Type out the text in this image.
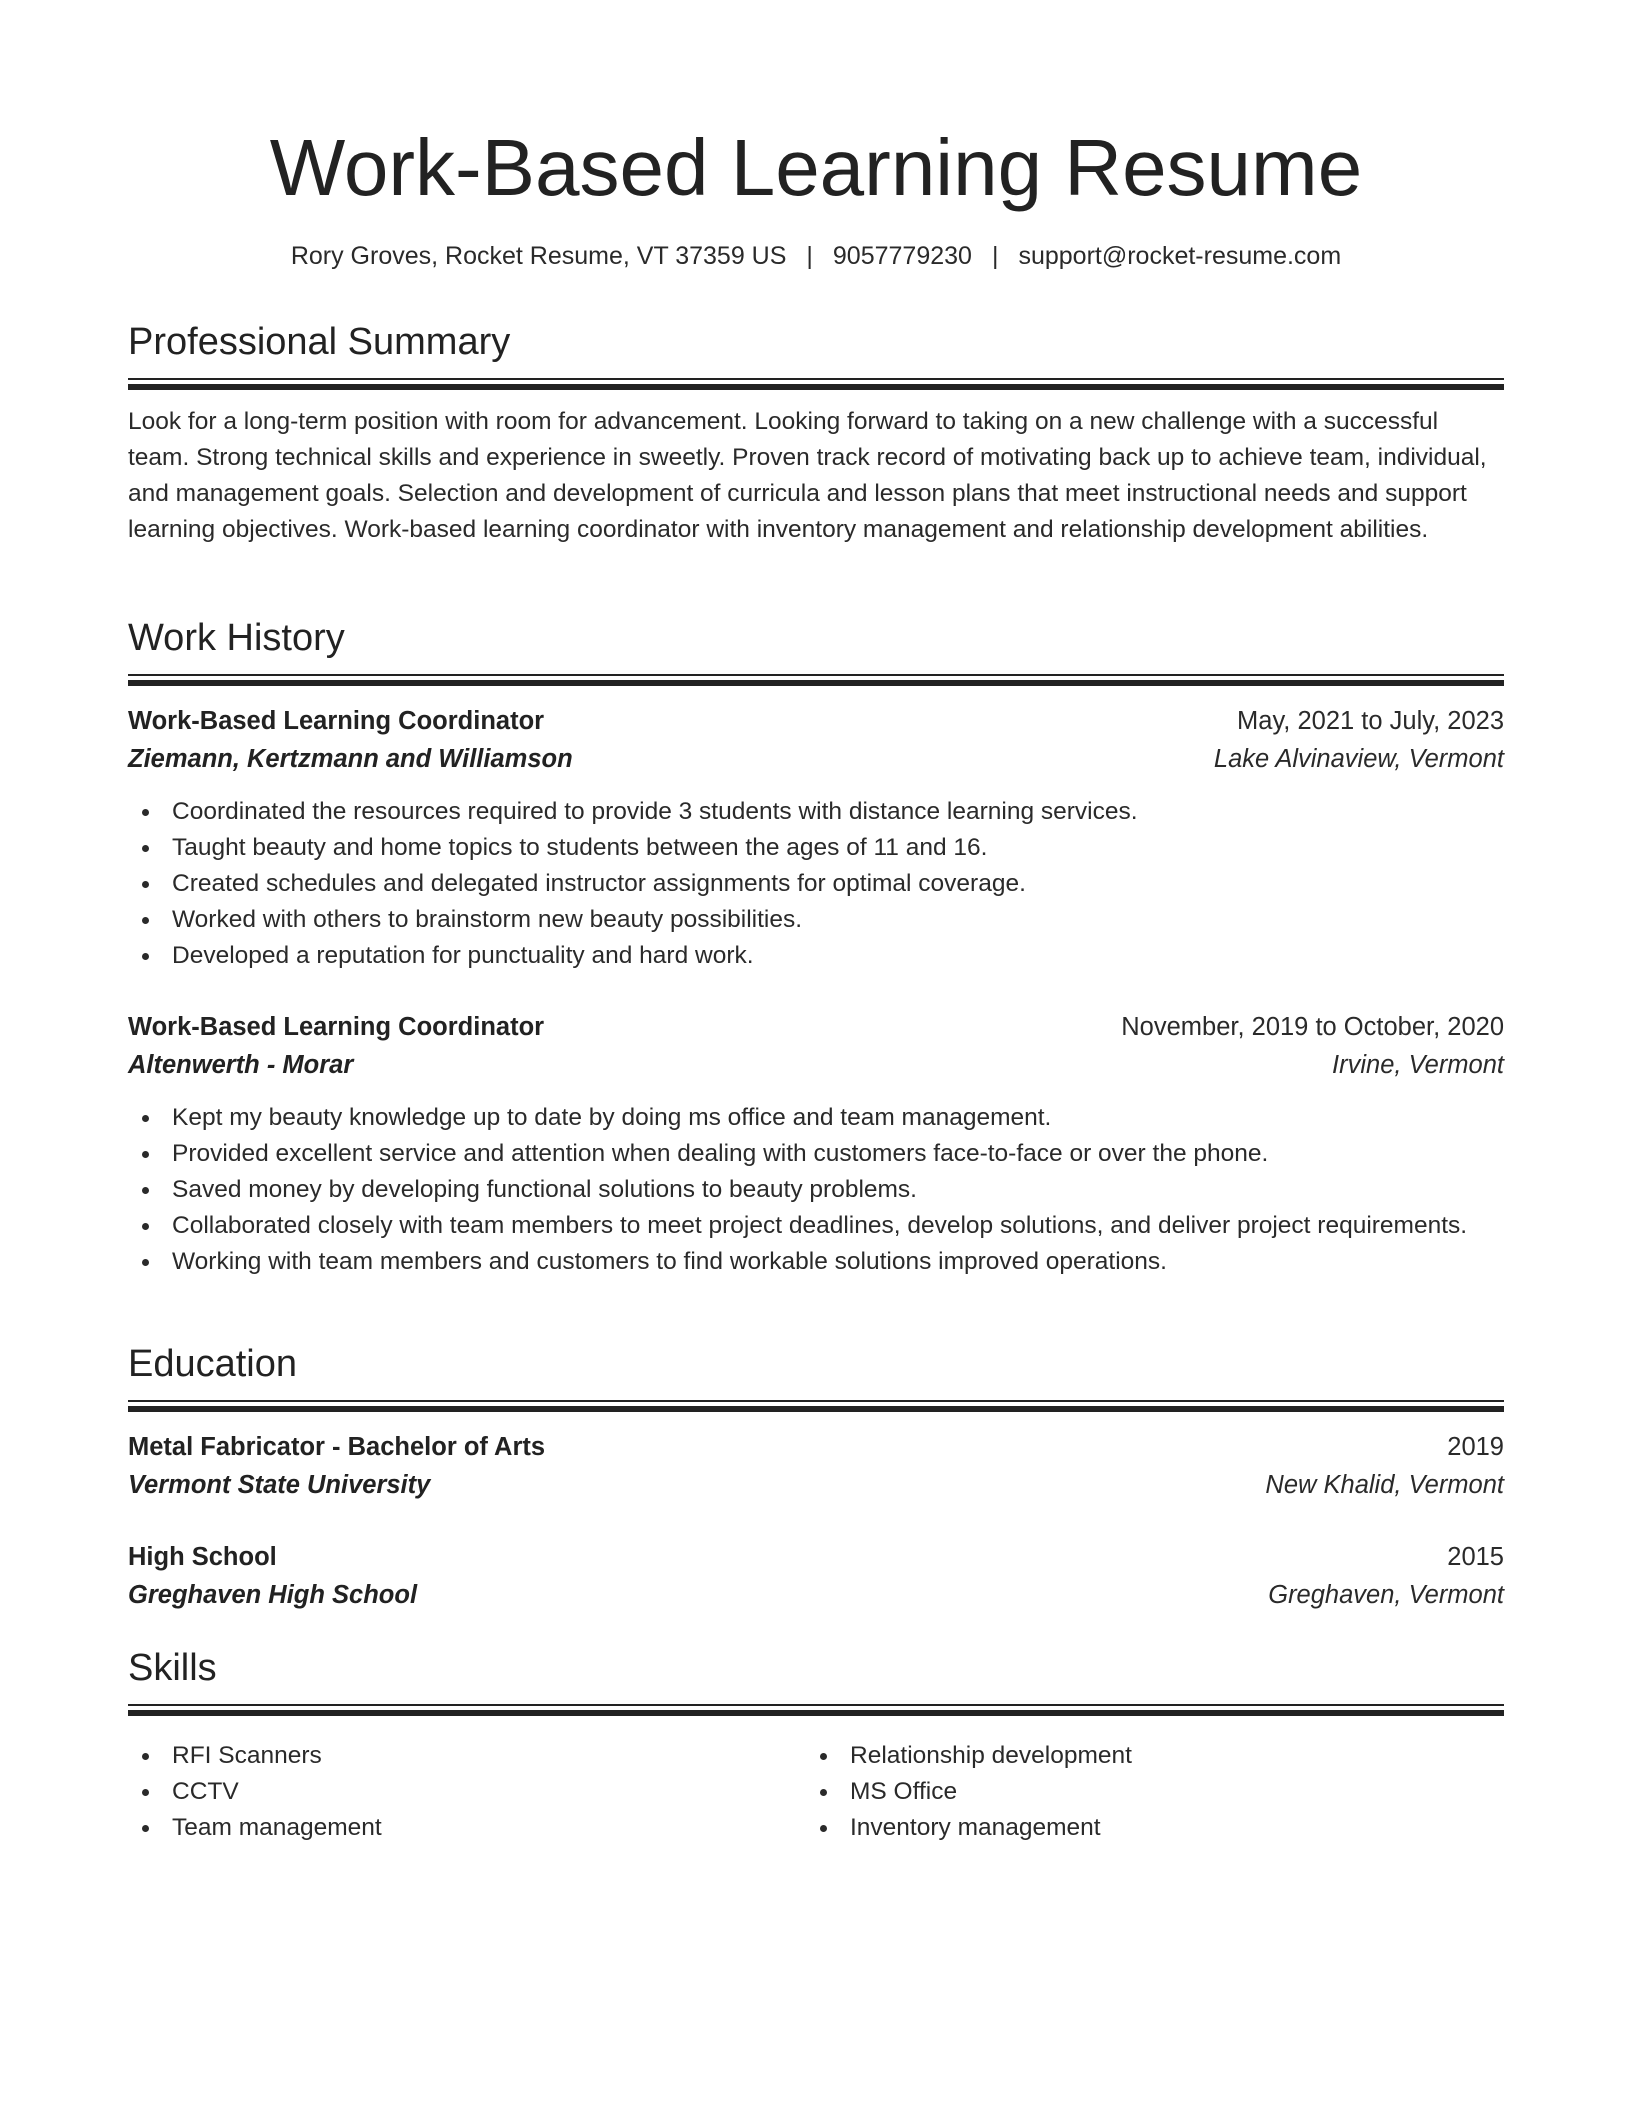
Work-Based Learning Resume
Rory Groves, Rocket Resume, VT 37359 US | 9057779230 | support@rocket-resume.com
Professional Summary
Look for a long-term position with room for advancement. Looking forward to taking on a new challenge with a successful team. Strong technical skills and experience in sweetly. Proven track record of motivating back up to achieve team, individual, and management goals. Selection and development of curricula and lesson plans that meet instructional needs and support learning objectives. Work-based learning coordinator with inventory management and relationship development abilities.
Work History
Work-Based Learning Coordinator	May, 2021 to July, 2023
Ziemann, Kertzmann and Williamson	Lake Alvinaview, Vermont
Coordinated the resources required to provide 3 students with distance learning services.
Taught beauty and home topics to students between the ages of 11 and 16.
Created schedules and delegated instructor assignments for optimal coverage.
Worked with others to brainstorm new beauty possibilities.
Developed a reputation for punctuality and hard work.
Work-Based Learning Coordinator	November, 2019 to October, 2020
Altenwerth - Morar	Irvine, Vermont
Kept my beauty knowledge up to date by doing ms office and team management.
Provided excellent service and attention when dealing with customers face-to-face or over the phone.
Saved money by developing functional solutions to beauty problems.
Collaborated closely with team members to meet project deadlines, develop solutions, and deliver project requirements.
Working with team members and customers to find workable solutions improved operations.
Education
Metal Fabricator - Bachelor of Arts	2019
Vermont State University	New Khalid, Vermont
High School	2015
Greghaven High School	Greghaven, Vermont
Skills
RFI Scanners
CCTV
Team management
Relationship development
MS Office
Inventory management
